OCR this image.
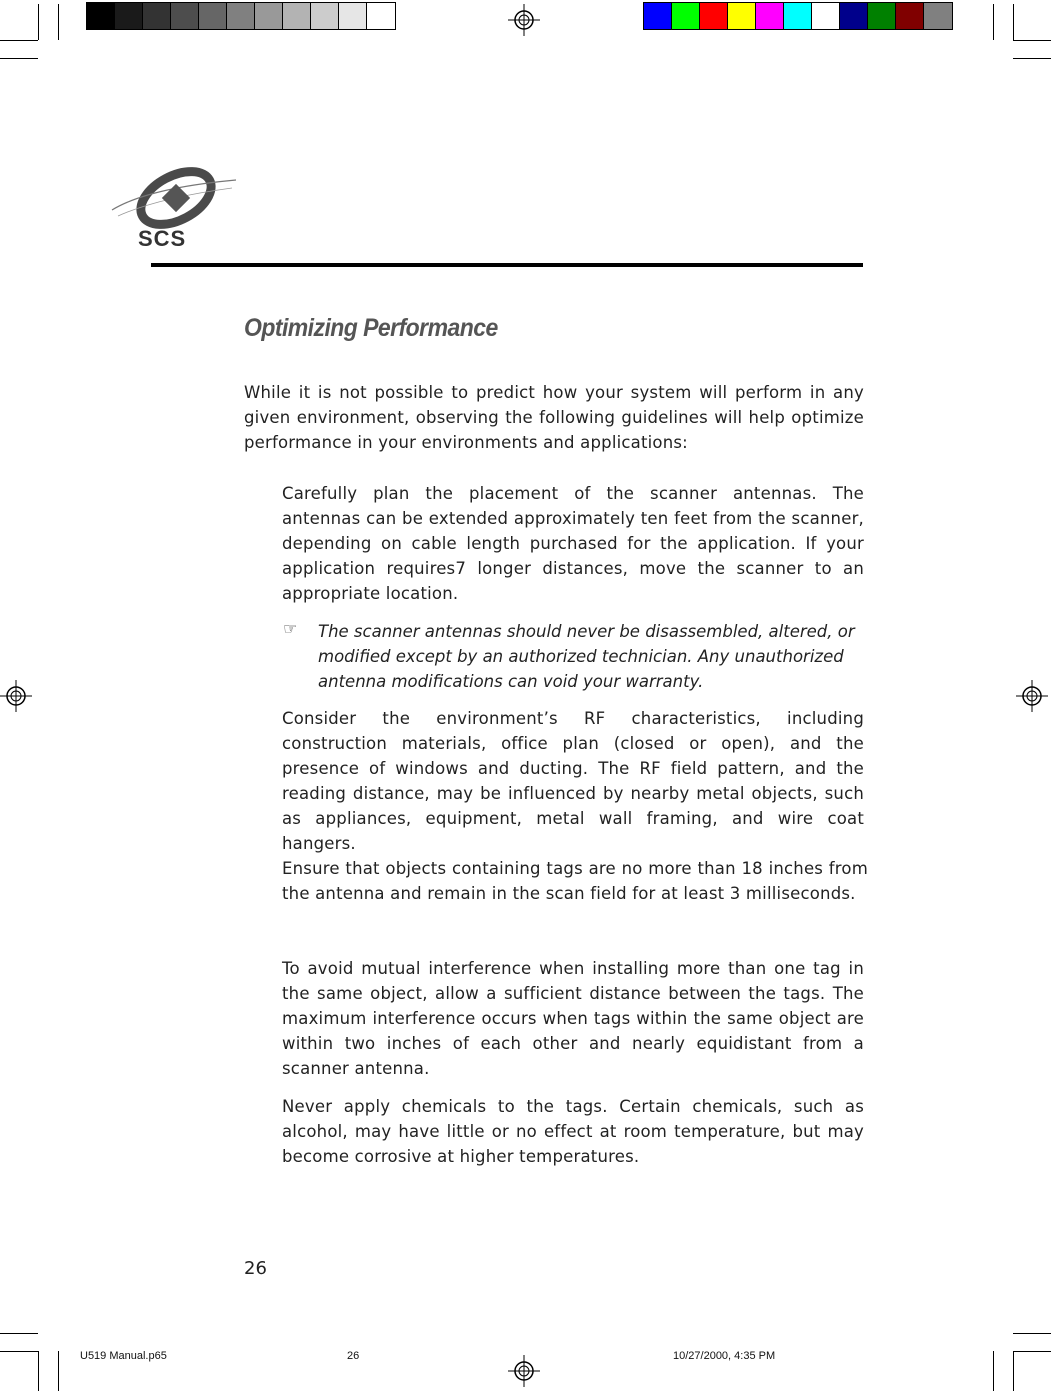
SCS
Optimizing Performance
While it is not possible to predict how your system will perform in any given environment, observing the following guidelines will help optimize performance in your environments and applications:
Carefully plan the placement of the scanner antennas. The antennas can be extended approximately ten feet from the scanner, depending on cable length purchased for the application. If your application requires7 longer distances, move the scanner to an appropriate location.
☞ The scanner antennas should never be disassembled, altered, or modified except by an authorized technician. Any unauthorized antenna modifications can void your warranty.
Consider the environment’s RF characteristics, including construction materials, office plan (closed or open), and the presence of windows and ducting. The RF field pattern, and the reading distance, may be influenced by nearby metal objects, such as appliances, equipment, metal wall framing, and wire coat hangers.
Ensure that objects containing tags are no more than 18 inches from the antenna and remain in the scan field for at least 3 milliseconds.
To avoid mutual interference when installing more than one tag in the same object, allow a sufficient distance between the tags. The maximum interference occurs when tags within the same object are within two inches of each other and nearly equidistant from a scanner antenna.
Never apply chemicals to the tags. Certain chemicals, such as alcohol, may have little or no effect at room temperature, but may become corrosive at higher temperatures.
26
U519 Manual.p65	26	10/27/2000, 4:35 PM
